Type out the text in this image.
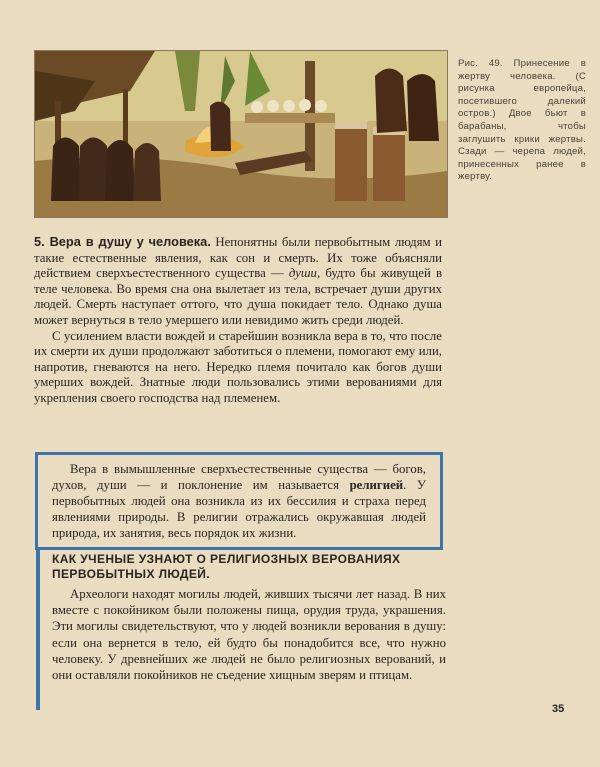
Рис. 49. Принесение в жертву человека. (С рисунка европейца, посетившего далекий остров.) Двое бьют в барабаны, чтобы заглушить крики жертвы. Сзади — черепа людей, принесенных ранее в жертву.

5. Вера в душу у человека. Непонятны были первобытным людям и такие естественные явления, как сон и смерть. Их тоже объясняли действием сверхъестественного существа — души, будто бы живущей в теле человека. Во время сна она вылетает из тела, встречает души других людей. Смерть наступает оттого, что душа покидает тело. Однако душа может вернуться в тело умершего или невидимо жить среди людей.

С усилением власти вождей и старейшин возникла вера в то, что после их смерти их души продолжают заботиться о племени, помогают ему или, напротив, гневаются на него. Нередко племя почитало как богов души умерших вождей. Знатные люди пользовались этими верованиями для укрепления своего господства над племенем.

Вера в вымышленные сверхъестественные существа — богов, духов, души — и поклонение им называется религией. У первобытных людей она возникла из их бессилия и страха перед явлениями природы. В религии отражались окружавшая людей природа, их занятия, весь порядок их жизни.
КАК УЧЕНЫЕ УЗНАЮТ О РЕЛИГИОЗНЫХ ВЕРОВАНИЯХ ПЕРВОБЫТНЫХ ЛЮДЕЙ.
Археологи находят могилы людей, живших тысячи лет назад. В них вместе с покойником были положены пища, орудия труда, украшения. Эти могилы свидетельствуют, что у людей возникли верования в душу: если она вернется в тело, ей будто бы понадобится все, что нужно человеку. У древнейших же людей не было религиозных верований, и они оставляли покойников не съедение хищным зверям и птицам.
35
